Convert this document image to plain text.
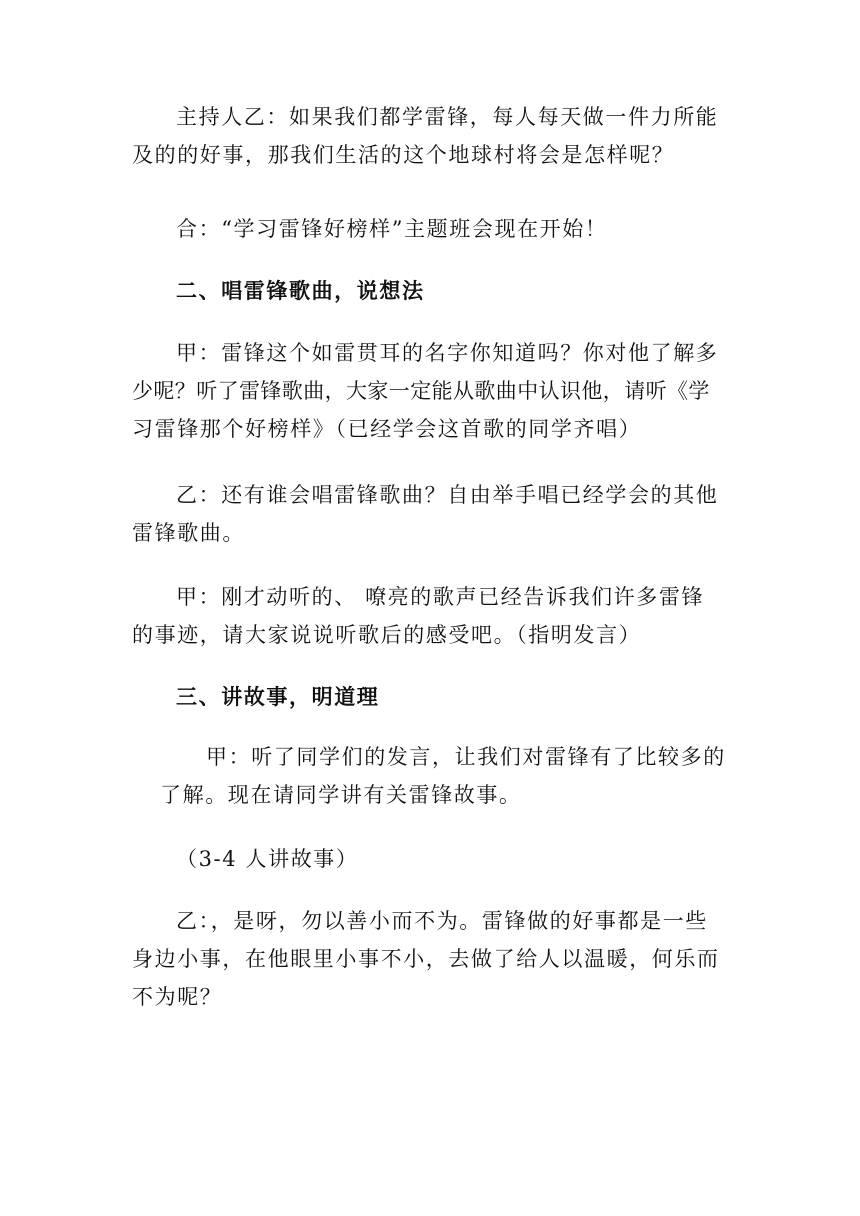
主持人乙：如果我们都学雷锋，每人每天做一件力所能
及的的好事，那我们生活的这个地球村将会是怎样呢？
合：“学习雷锋好榜样”主题班会现在开始！
二、唱雷锋歌曲，说想法
甲：雷锋这个如雷贯耳的名字你知道吗？你对他了解多
少呢？听了雷锋歌曲，大家一定能从歌曲中认识他，请听《学
习雷锋那个好榜样》（已经学会这首歌的同学齐唱）
乙：还有谁会唱雷锋歌曲？自由举手唱已经学会的其他
雷锋歌曲。
甲：刚才动听的、 嘹亮的歌声已经告诉我们许多雷锋
的事迹，请大家说说听歌后的感受吧。（指明发言）
三、讲故事，明道理
甲：听了同学们的发言，让我们对雷锋有了比较多的
了解。现在请同学讲有关雷锋故事。
（3-4 人讲故事）
乙：，是呀，勿以善小而不为。雷锋做的好事都是一些
身边小事，在他眼里小事不小，去做了给人以温暖，何乐而
不为呢？
